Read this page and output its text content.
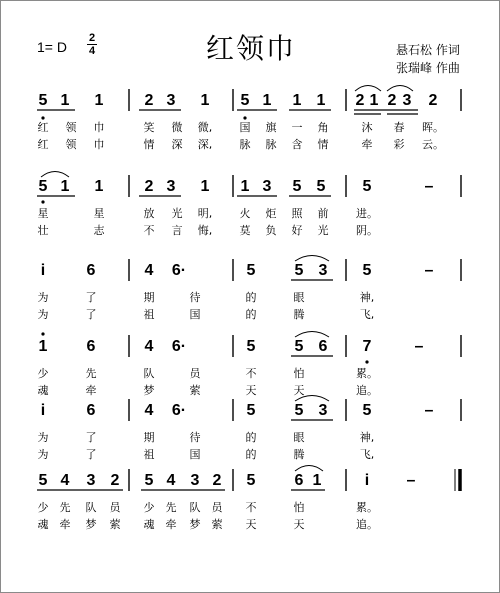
红领巾
1= D
2
4	悬石松 作词
张瑞峰 作曲
5 1 1	2 3 1 5 1 1 1 2 1 2 3 2
红 领 巾	笑 微 微, 国 旗 一 角	沐 春 晖。
红 领 巾	情 深 深, 脉 脉 含 情	牵 彩 云。
5 1 1	2 3 1 1 3 5 5 5	–
星	星	放 光 明, 火 炬 照 前	进。
壮	志	不 言 悔, 莫 负 好 光	阴。
i	6	4 6·	5 5 3 5	–
为	了	期	待	的	眼	神,
为	了	祖	国	的	腾	飞,
1 6	4 6·	5 5 6 7	–
少	先	队	员	不	怕	累。
魂	牵	梦	萦	天	天	追。
i	6	4 6·	5 5 3 5	–
为	了	期	待	的	眼	神,
为	了	祖	国	的	腾	飞,
5 4 3 2 5 4 3 2 5 6 1	i –
少 先 队 员 少 先 队 员 不	怕	累。
魂 牵 梦 萦 魂 牵 梦 萦 天	天	追。
